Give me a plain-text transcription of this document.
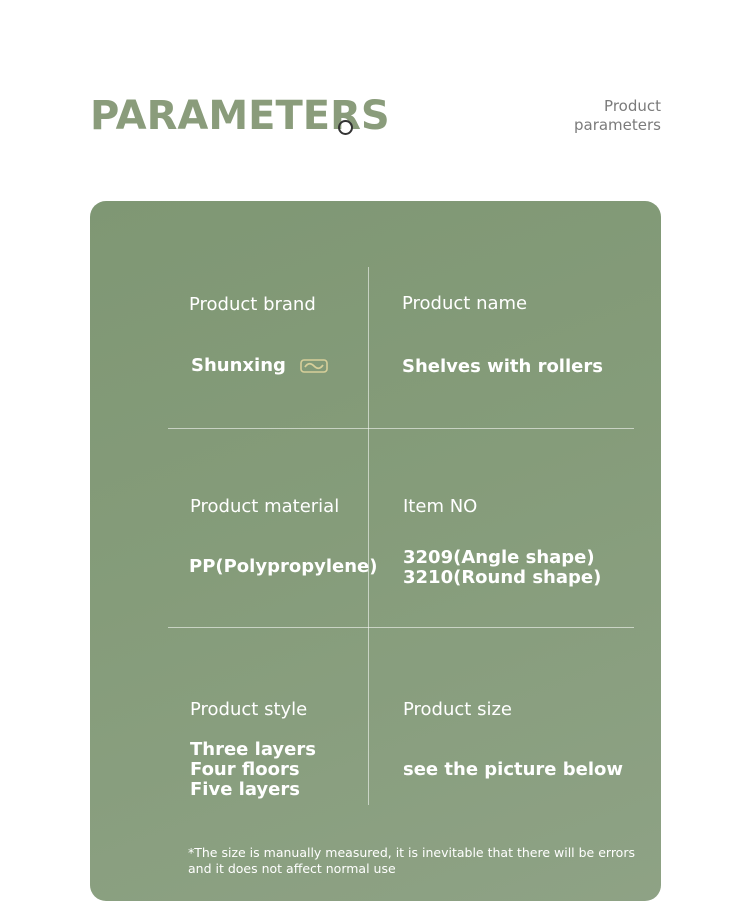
PARAMETERS	Product
parameters
Product brand
Shunxing
Product name
Shelves with rollers
Product material
PP(Polypropylene)
Item NO
3209(Angle shape)
3210(Round shape)
Product style
Three layers
Four floors
Five layers
Product size
see the picture below
*The size is manually measured, it is inevitable that there will be errors
and it does not affect normal use
